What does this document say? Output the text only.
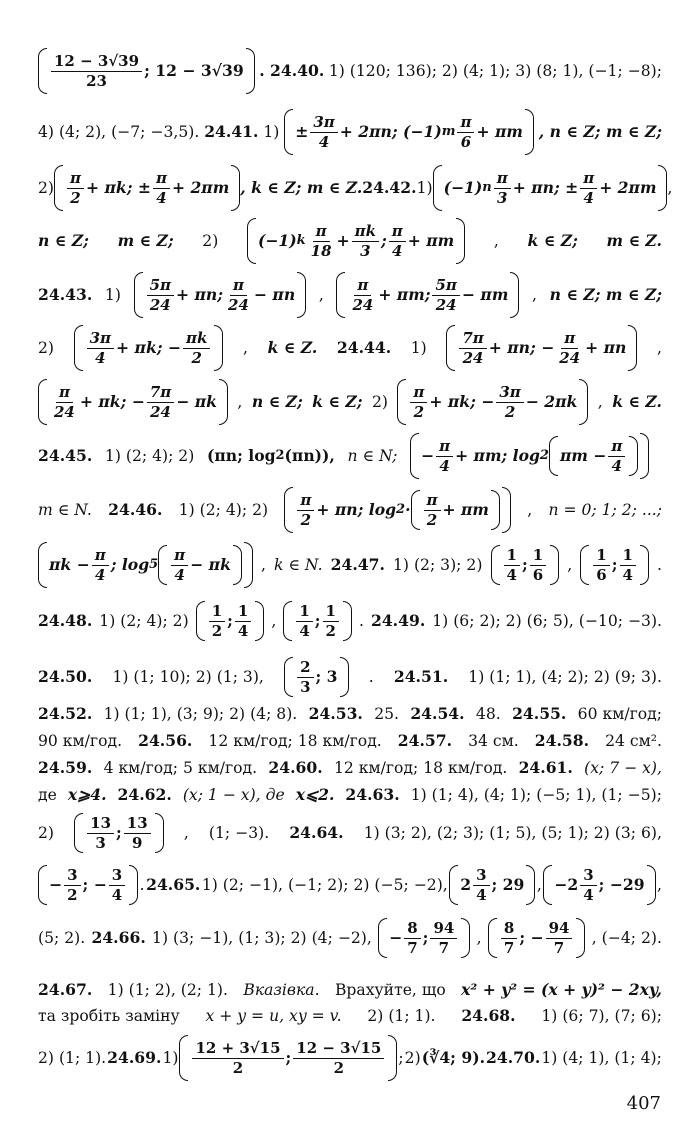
$\frac{12 - 3√39}{23}$ ; 12 − 3√39 . 24.40. 1) (120; 136); 2) (4; 1); 3) (8; 1), (−1; −8);
4) (4; 2), (−7; −3,5). 24.41. $1) \pm \frac{3\pi}{4} + 2\pi n$; (−1) m $\frac{\pi}{6} + \pi m$ , n ∈ Z; m ∈ Z;
$2) \frac{\pi}{2} + \pi k$; ± $\frac{\pi}{4} + 2\pi m$ , k ∈ Z; m ∈ Z. 24.42. 1) (−1) n $\frac{\pi}{3} + \pi n$; ± $\frac{\pi}{4} + 2\pi m$ ,
n ∈ Z; m ∈ Z; 2)	(−1) k $\frac{\pi}{18} + \frac{\pi k}{3}$ ; $\frac{\pi}{4} + \pi m$	, k ∈ Z; m ∈ Z.
24.43. $1) \frac{5\pi}{24} + \pi n$; $\frac{\pi}{24} - \pi n$ , $\frac{\pi}{24} + \pi m$; $\frac{5\pi}{24} - \pi m$ , n ∈ Z; m ∈ Z;
$2) \frac{3\pi}{4} + \pi k$; − $\frac{\pi k}{2}$ , k ∈ Z. 24.44. $1) \frac{7\pi}{24} + \pi n$; − $\frac{\pi}{24} + \pi n$ ,
$\frac{\pi}{24} + \pi k$; − $\frac{7\pi}{24} - \pi k$ , n ∈ Z; k ∈ Z; $2) \frac{\pi}{2} + \pi k$; − $\frac{3\pi}{2} - 2\pi k$ , k ∈ Z.
24.45. 1) (2; 4); 2) (πn; log 2 (πn)), n ∈ N; − $\frac{\pi}{4} + \pi m$; log 2 $\pi m - \frac{\pi}{4}$
m ∈ N. 24.46. 1) (2; 4); $2) \frac{\pi}{2} + \pi n$; $\log 2 \cdot \frac{\pi}{2} + \pi m$ , n = 0; 1; 2; ...;
$\pi k - \frac{\pi}{4}$ ; $\log 5 \frac{\pi}{4} - \pi k$ , k ∈ N. 24.47. 1) (2; 3); $2) \frac{1}{4}$ ; $\frac{1}{6}$ , $\frac{1}{6}$ ; $\frac{1}{4}$ .
24.48. 1) (2; 4); $2) \frac{1}{2}$ ; $\frac{1}{4}$ , $\frac{1}{4}$ ; $\frac{1}{2}$ . 24.49. 1) (6; 2); 2) (6; 5), (−10; −3).
24.50. 1) (1; 10); 2) (1; 3), $\frac{2}{3}$ ; 3 . 24.51. 1) (1; 1), (4; 2); 2) (9; 3).
24.52. 1) (1; 1), (3; 9); 2) (4; 8). 24.53. 25. 24.54. 48. 24.55. 60 км/год;
90 км/год. 24.56. 12 км/год; 18 км/год. 24.57. 34 см. 24.58. 24 см².
24.59. 4 км/год; 5 км/год. 24.60. 12 км/год; 18 км/год. 24.61. (x; 7 − x),
де x⩾4. 24.62. (x; 1 − x), де x⩽2. 24.63. 1) (1; 4), (4; 1); (−5; 1), (1; −5);
$2) \frac{13}{3}$ ; $\frac{13}{9}$ , (1; −3). 24.64. 1) (3; 2), (2; 3); (1; 5), (5; 1); 2) (3; 6),
− $\frac{3}{2}$ ; − $\frac{3}{4}$ . 24.65. 1) (2; −1), (−1; 2); 2) (−5; −2), $2 \frac{3}{4}$ ; 29 , $-2 \frac{3}{4}$ ; −29 ,
(5; 2). 24.66. 1) (3; −1), (1; 3); 2) (4; −2), − $\frac{8}{7}$ ; $\frac{94}{7}$ , $\frac{8}{7}$ ; − $\frac{94}{7}$ , (−4; 2).
24.67. 1) (1; 2), (2; 1). Вказівка. Врахуйте, що x² + y² = (x + y)² − 2xy,
та зробіть заміну x + y = u, xy = v. 2) (1; 1). 24.68. 1) (6; 7), (7; 6);
2) (1; 1). 24.69. $1) \frac{12 + 3√15}{2}$ ; $\frac{12 - 3√15}{2}$ ; 2) (∛4; 9). 24.70. 1) (4; 1), (1; 4);
407
